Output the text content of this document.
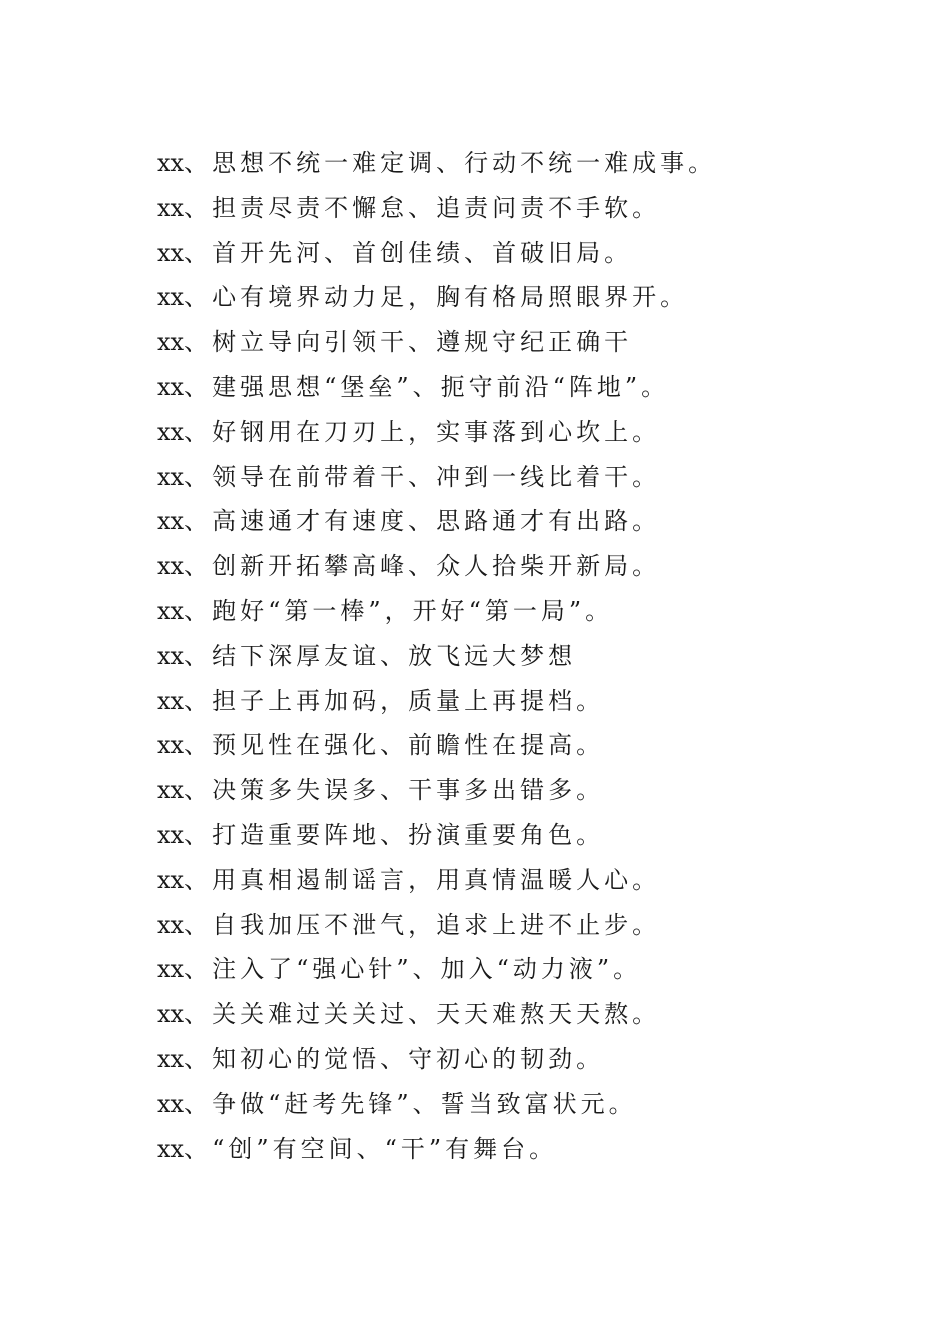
xx、思想不统一难定调、行动不统一难成事。
xx、担责尽责不懈怠、追责问责不手软。
xx、首开先河、首创佳绩、首破旧局。
xx、心有境界动力足，胸有格局照眼界开。
xx、树立导向引领干、遵规守纪正确干
xx、建强思想“堡垒”、扼守前沿“阵地”。
xx、好钢用在刀刃上，实事落到心坎上。
xx、领导在前带着干、冲到一线比着干。
xx、高速通才有速度、思路通才有出路。
xx、创新开拓攀高峰、众人拾柴开新局。
xx、跑好“第一棒”，开好“第一局”。
xx、结下深厚友谊、放飞远大梦想
xx、担子上再加码，质量上再提档。
xx、预见性在强化、前瞻性在提高。
xx、决策多失误多、干事多出错多。
xx、打造重要阵地、扮演重要角色。
xx、用真相遏制谣言，用真情温暖人心。
xx、自我加压不泄气，追求上进不止步。
xx、注入了“强心针”、加入“动力液”。
xx、关关难过关关过、天天难熬天天熬。
xx、知初心的觉悟、守初心的韧劲。
xx、争做“赶考先锋”、誓当致富状元。
xx、“创”有空间、“干”有舞台。
